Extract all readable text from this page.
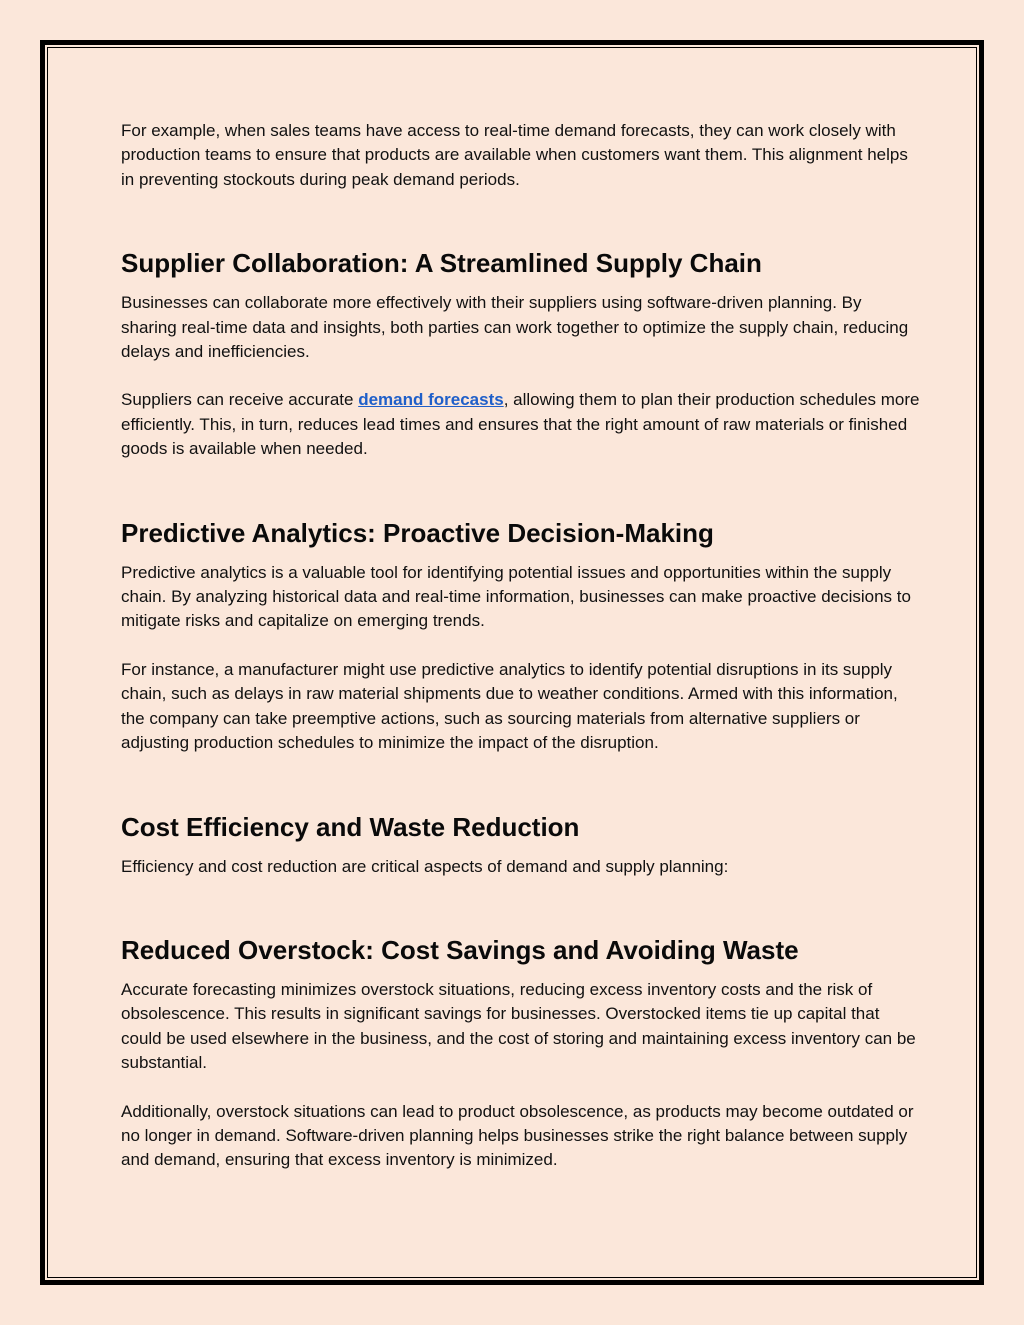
For example, when sales teams have access to real-time demand forecasts, they can work closely with production teams to ensure that products are available when customers want them. This alignment helps in preventing stockouts during peak demand periods.

Supplier Collaboration: A Streamlined Supply Chain

Businesses can collaborate more effectively with their suppliers using software-driven planning. By sharing real-time data and insights, both parties can work together to optimize the supply chain, reducing delays and inefficiencies.

Suppliers can receive accurate demand forecasts, allowing them to plan their production schedules more efficiently. This, in turn, reduces lead times and ensures that the right amount of raw materials or finished goods is available when needed.

Predictive Analytics: Proactive Decision-Making

Predictive analytics is a valuable tool for identifying potential issues and opportunities within the supply chain. By analyzing historical data and real-time information, businesses can make proactive decisions to mitigate risks and capitalize on emerging trends.

For instance, a manufacturer might use predictive analytics to identify potential disruptions in its supply chain, such as delays in raw material shipments due to weather conditions. Armed with this information, the company can take preemptive actions, such as sourcing materials from alternative suppliers or adjusting production schedules to minimize the impact of the disruption.

Cost Efficiency and Waste Reduction

Efficiency and cost reduction are critical aspects of demand and supply planning:

Reduced Overstock: Cost Savings and Avoiding Waste

Accurate forecasting minimizes overstock situations, reducing excess inventory costs and the risk of obsolescence. This results in significant savings for businesses. Overstocked items tie up capital that could be used elsewhere in the business, and the cost of storing and maintaining excess inventory can be substantial.

Additionally, overstock situations can lead to product obsolescence, as products may become outdated or no longer in demand. Software-driven planning helps businesses strike the right balance between supply and demand, ensuring that excess inventory is minimized.
